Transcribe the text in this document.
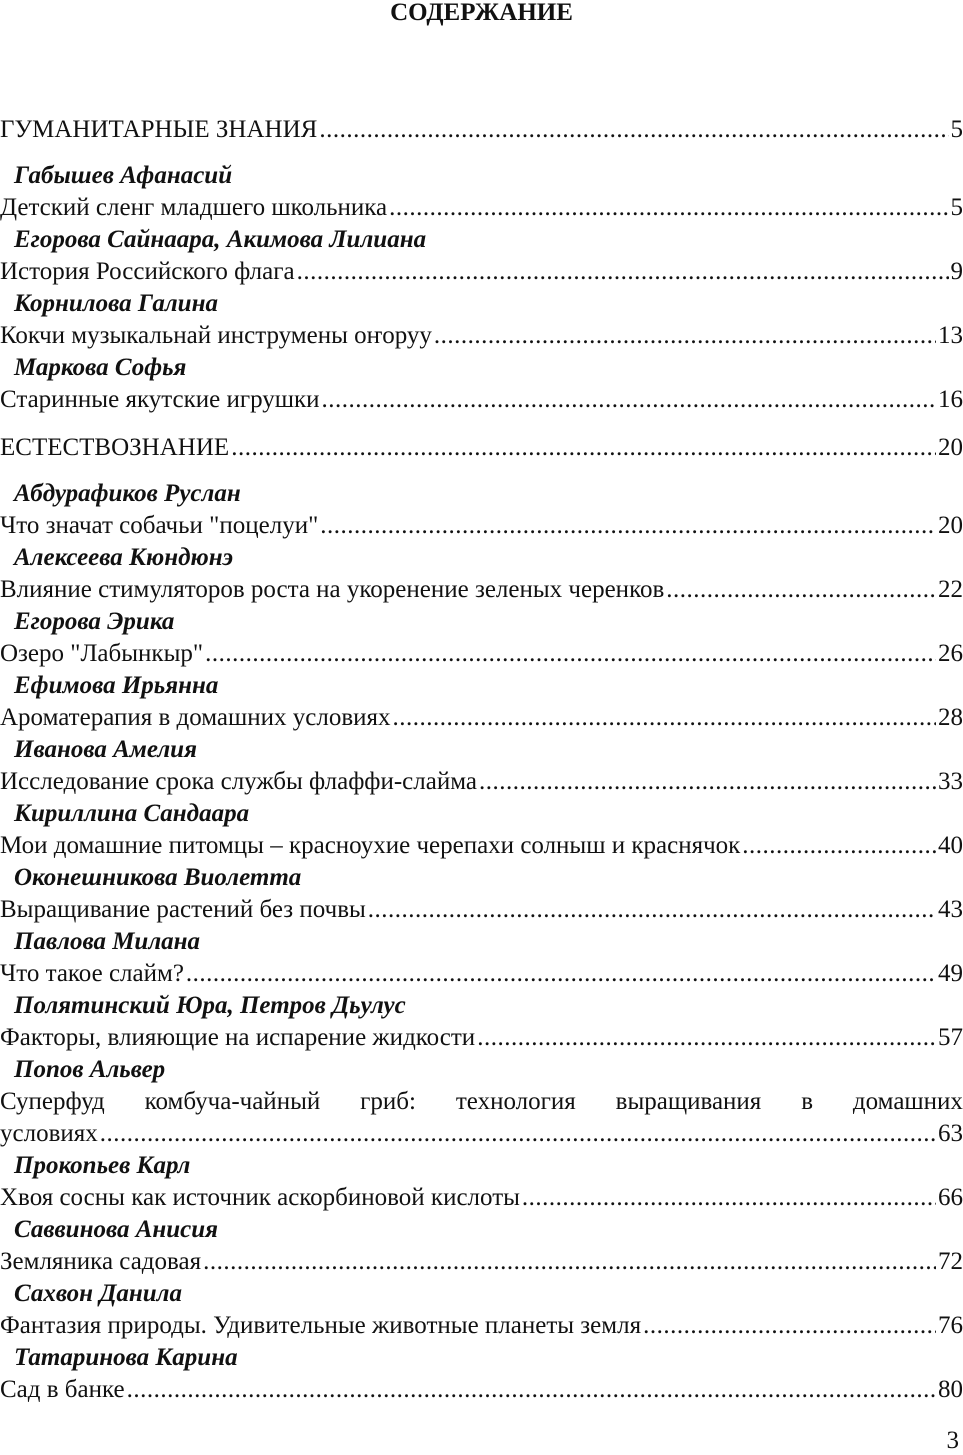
СОДЕРЖАНИЕ
ГУМАНИТАРНЫЕ ЗНАНИЯ .....	5
Габышев Афанасий
Детский сленг младшего школьника .....	5
Егорова Сайнаара, Акимова Лилиана
История Российского флага .....	9
Корнилова Галина
Кокчи музыкальнай инструмены оҥоруу .....	13
Маркова Софья
Старинные якутские игрушки .....	16
ЕСТЕСТВОЗНАНИЕ .....	20
Абдурафиков Руслан
Что значат собачьи "поцелуи" .....	20
Алексеева Кюндюнэ
Влияние стимуляторов роста на укоренение зеленых черенков .....	22
Егорова Эрика
Озеро "Лабынкыр" .....	26
Ефимова Ирьянна
Ароматерапия в домашних условиях .....	28
Иванова Амелия
Исследование срока службы флаффи-слайма .....	33
Кириллина Сандаара
Мои домашние питомцы – красноухие черепахи солныш и краснячок .....	40
Оконешникова Виолетта
Выращивание растений без почвы .....	43
Павлова Милана
Что такое слайм? .....	49
Полятинский Юра, Петров Дьулус
Факторы, влияющие на испарение жидкости .....	57
Попов Альвер
Суперфуд комбуча-чайный гриб: технология выращивания в домашних
условиях .....	63
Прокопьев Карл
Хвоя сосны как источник аскорбиновой кислоты .....	66
Саввинова Анисия
Земляника садовая .....	72
Сахвон Данила
Фантазия природы. Удивительные животные планеты земля .....	76
Татаринова Карина
Сад в банке .....	80
3
